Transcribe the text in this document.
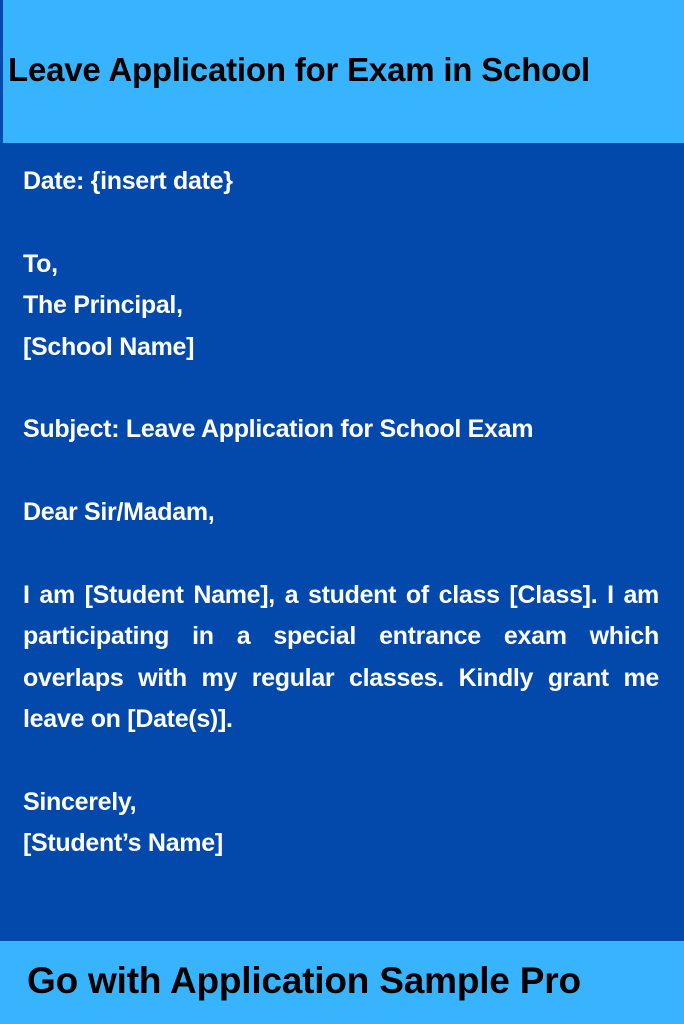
Leave Application for Exam in School
Date: {insert date}
To,
The Principal,
[School Name]
Subject: Leave Application for School Exam
Dear Sir/Madam,
I am [Student Name], a student of class [Class]. I am participating in a special entrance exam which overlaps with my regular classes. Kindly grant me leave on [Date(s)].
Sincerely,
[Student’s Name]

Go with Application Sample Pro
